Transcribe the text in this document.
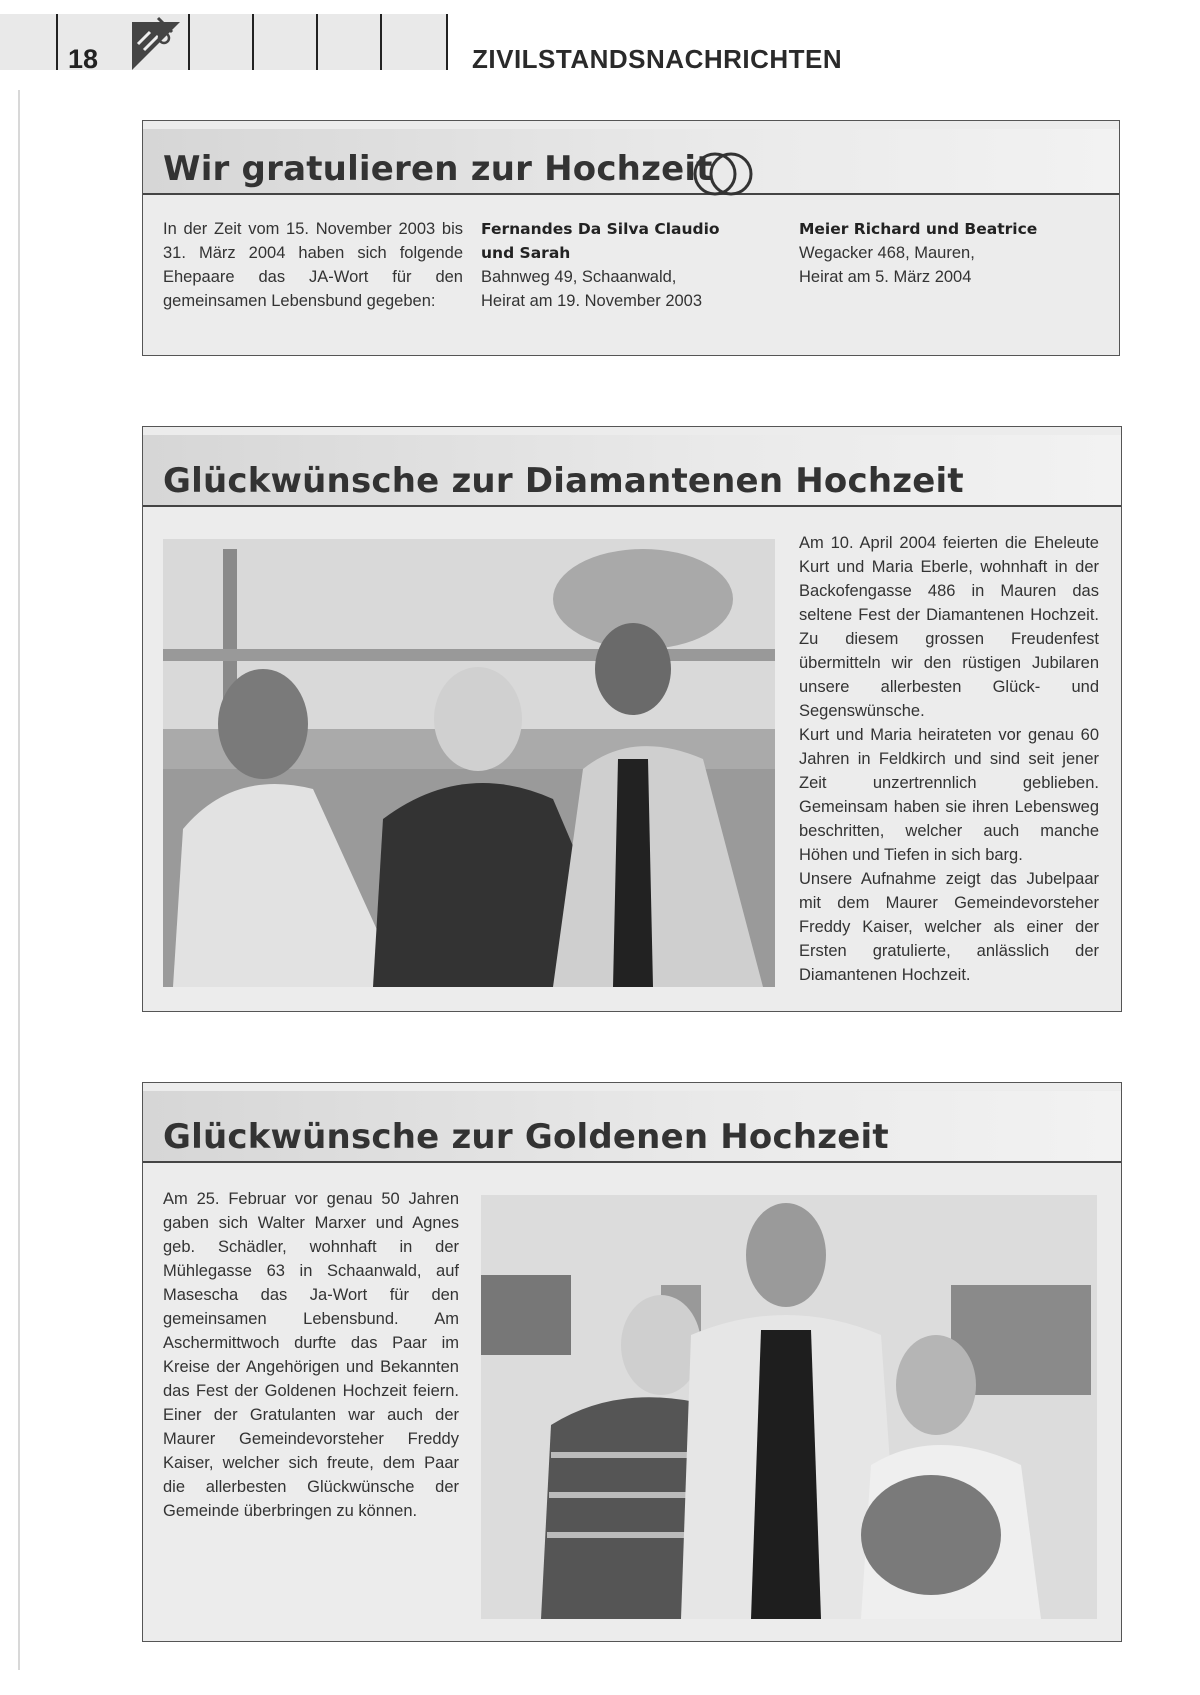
18	ZIVILSTANDSNACHRICHTEN
Wir gratulieren zur Hochzeit
In der Zeit vom 15. November 2003 bis 31. März 2004 haben sich folgende Ehepaare das JA-Wort für den gemeinsamen Lebensbund gegeben:
Fernandes Da Silva Claudio
und Sarah
Bahnweg 49, Schaanwald,
Heirat am 19. November 2003
Meier Richard und Beatrice
Wegacker 468, Mauren,
Heirat am 5. März 2004
Glückwünsche zur Diamantenen Hochzeit

Am 10. April 2004 feierten die Eheleute Kurt und Maria Eberle, wohnhaft in der Backofengasse 486 in Mauren das seltene Fest der Diamantenen Hochzeit. Zu diesem grossen Freudenfest übermitteln wir den rüstigen Jubilaren unsere allerbesten Glück- und Segenswünsche.

Kurt und Maria heirateten vor genau 60 Jahren in Feldkirch und sind seit jener Zeit unzertrennlich geblieben. Gemeinsam haben sie ihren Lebensweg beschritten, welcher auch manche Höhen und Tiefen in sich barg.

Unsere Aufnahme zeigt das Jubelpaar mit dem Maurer Gemeindevorsteher Freddy Kaiser, welcher als einer der Ersten gratulierte, anlässlich der Diamantenen Hochzeit.

Glückwünsche zur Goldenen Hochzeit
Am 25. Februar vor genau 50 Jahren gaben sich Walter Marxer und Agnes geb. Schädler, wohnhaft in der Mühlegasse 63 in Schaanwald, auf Masescha das Ja-Wort für den gemeinsamen Lebensbund. Am Aschermittwoch durfte das Paar im Kreise der Angehörigen und Bekannten das Fest der Goldenen Hochzeit feiern. Einer der Gratulanten war auch der Maurer Gemeindevorsteher Freddy Kaiser, welcher sich freute, dem Paar die allerbesten Glückwünsche der Gemeinde überbringen zu können.
